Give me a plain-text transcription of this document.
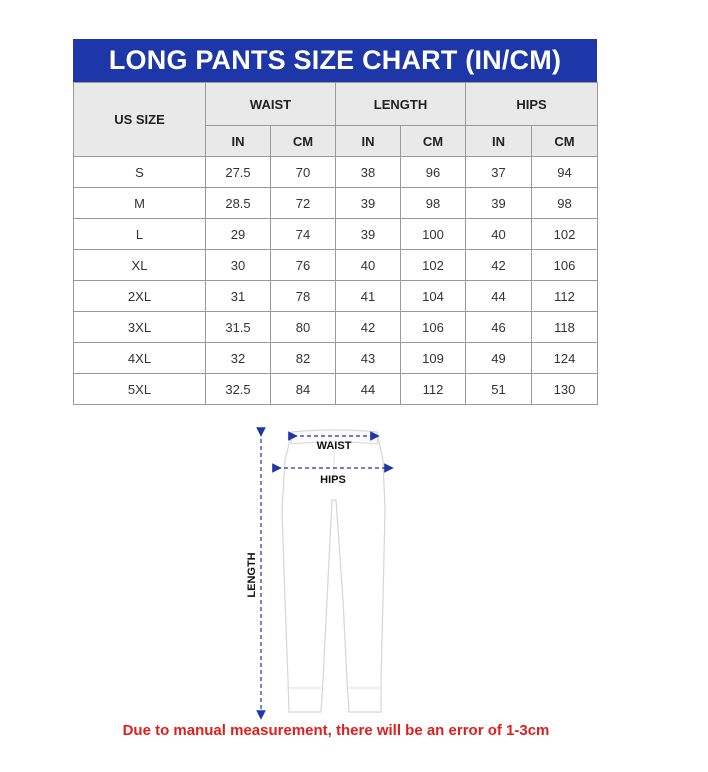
LONG PANTS SIZE CHART (IN/CM)
US SIZE	WAIST		LENGTH		HIPS	
	IN	CM	IN	CM	IN	CM
S	27.5	70	38	96	37	94
M	28.5	72	39	98	39	98
L	29	74	39	100	40	102
XL	30	76	40	102	42	106
2XL	31	78	41	104	44	112
3XL	31.5	80	42	106	46	118
4XL	32	82	43	109	49	124
5XL	32.5	84	44	112	51	130
LENGTH
WAIST
HIPS
Due to manual measurement, there will be an error of 1-3cm
